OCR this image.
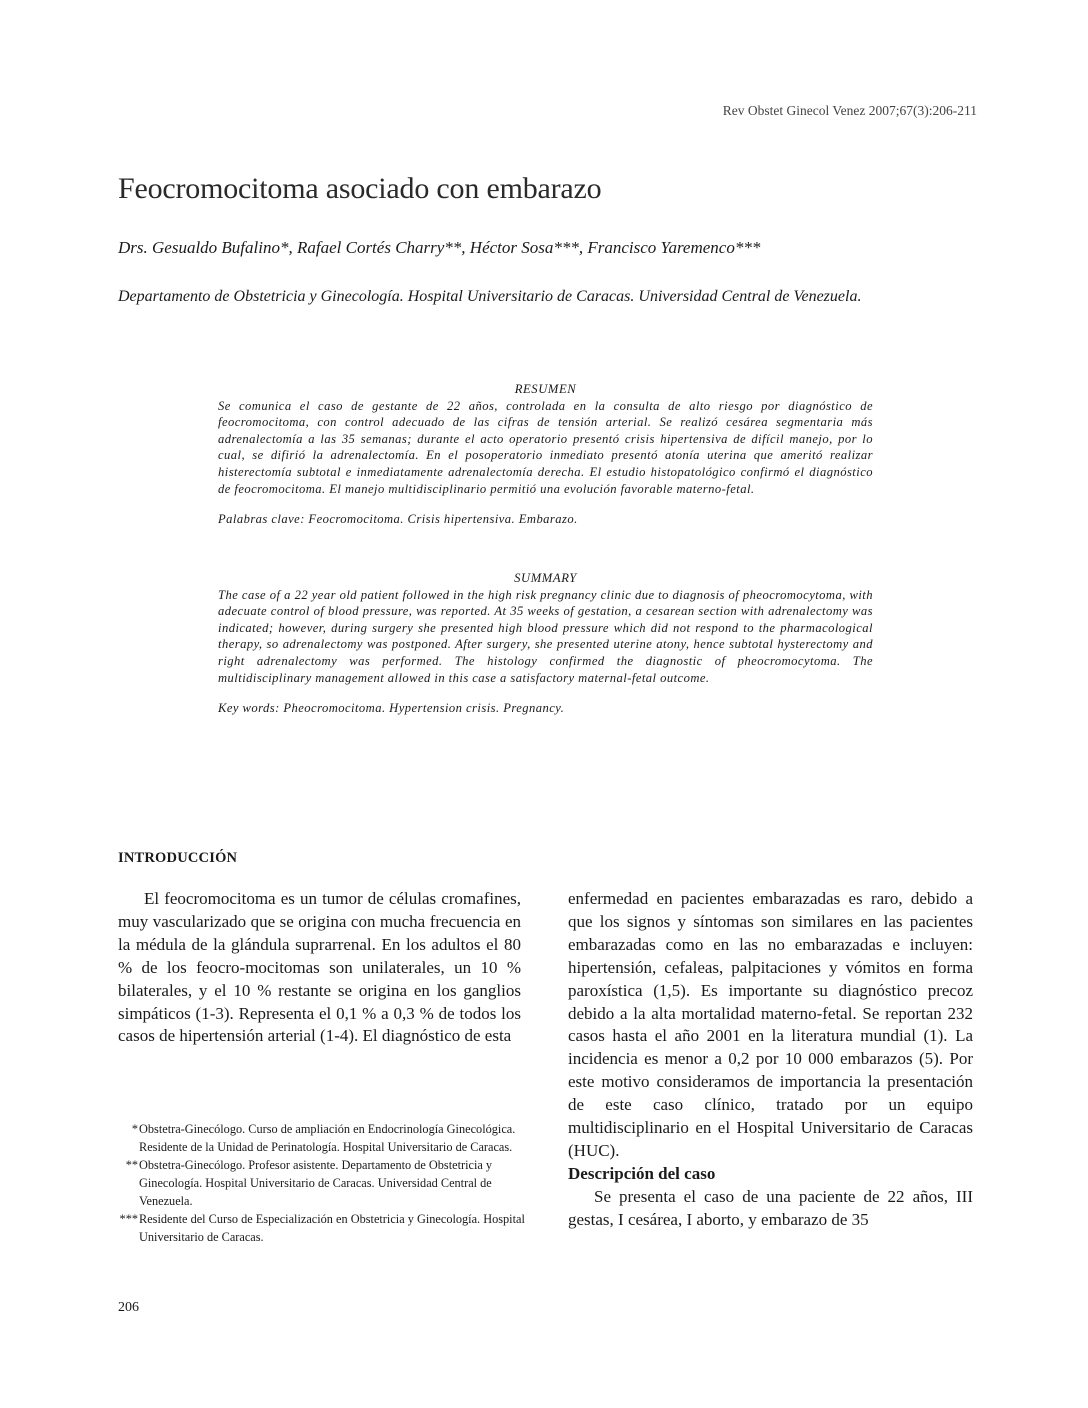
Rev Obstet Ginecol Venez 2007;67(3):206-211
Feocromocitoma asociado con embarazo
Drs. Gesualdo Bufalino*, Rafael Cortés Charry**, Héctor Sosa***, Francisco Yaremenco***
Departamento de Obstetricia y Ginecología. Hospital Universitario de Caracas. Universidad Central de Venezuela.
RESUMEN
Se comunica el caso de gestante de 22 años, controlada en la consulta de alto riesgo por diagnóstico de feocromocitoma, con control adecuado de las cifras de tensión arterial. Se realizó cesárea segmentaria más adrenalectomía a las 35 semanas; durante el acto operatorio presentó crisis hipertensiva de difícil manejo, por lo cual, se difirió la adrenalectomía. En el posoperatorio inmediato presentó atonía uterina que ameritó realizar histerectomía subtotal e inmediatamente adrenalectomía derecha. El estudio histopatológico confirmó el diagnóstico de feocromocitoma. El manejo multidisciplinario permitió una evolución favorable materno-fetal.
Palabras clave: Feocromocitoma. Crisis hipertensiva. Embarazo.
SUMMARY
The case of a 22 year old patient followed in the high risk pregnancy clinic due to diagnosis of pheocromocytoma, with adecuate control of blood pressure, was reported. At 35 weeks of gestation, a cesarean section with adrenalectomy was indicated; however, during surgery she presented high blood pressure which did not respond to the pharmacological therapy, so adrenalectomy was postponed. After surgery, she presented uterine atony, hence subtotal hysterectomy and right adrenalectomy was performed. The histology confirmed the diagnostic of pheocromocytoma. The multidisciplinary management allowed in this case a satisfactory maternal-fetal outcome.
Key words: Pheocromocitoma. Hypertension crisis. Pregnancy.
INTRODUCCIÓN

El feocromocitoma es un tumor de células cromafines, muy vascularizado que se origina con mucha frecuencia en la médula de la glándula suprarrenal. En los adultos el 80 % de los feocro-mocitomas son unilaterales, un 10 % bilaterales, y el 10 % restante se origina en los ganglios simpáticos (1-3). Representa el 0,1 % a 0,3 % de todos los casos de hipertensión arterial (1-4). El diagnóstico de esta

enfermedad en pacientes embarazadas es raro, debido a que los signos y síntomas son similares en las pacientes embarazadas como en las no embarazadas e incluyen: hipertensión, cefaleas, palpitaciones y vómitos en forma paroxística (1,5). Es importante su diagnóstico precoz debido a la alta mortalidad materno-fetal. Se reportan 232 casos hasta el año 2001 en la literatura mundial (1). La incidencia es menor a 0,2 por 10 000 embarazos (5). Por este motivo consideramos de importancia la presentación de este caso clínico, tratado por un equipo multidisciplinario en el Hospital Universitario de Caracas (HUC).

Descripción del caso

Se presenta el caso de una paciente de 22 años, III gestas, I cesárea, I aborto, y embarazo de 35

* Obstetra-Ginecólogo. Curso de ampliación en Endocrinología Ginecológica. Residente de la Unidad de Perinatología. Hospital Universitario de Caracas.
** Obstetra-Ginecólogo. Profesor asistente. Departamento de Obstetricia y Ginecología. Hospital Universitario de Caracas. Universidad Central de Venezuela.
*** Residente del Curso de Especialización en Obstetricia y Ginecología. Hospital Universitario de Caracas.
206
